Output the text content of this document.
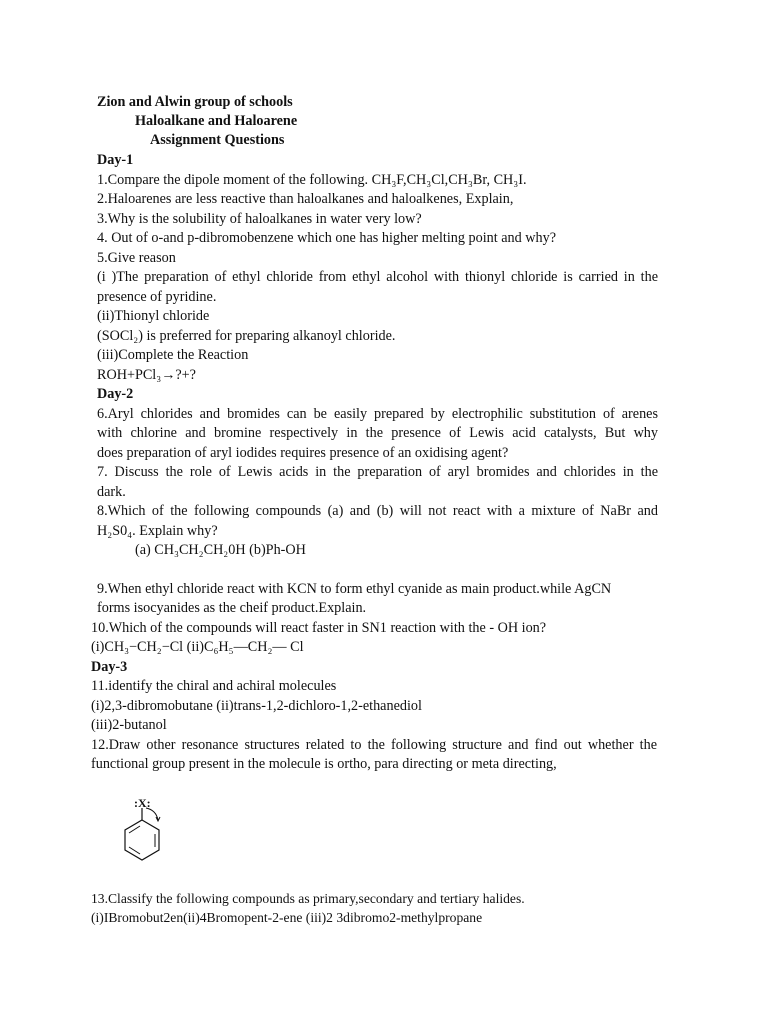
Zion and Alwin group of schools
Haloalkane and Haloarene
Assignment Questions
Day-1
1.Compare the dipole moment of the following. CH₃F,CH₃Cl,CH₃Br, CH₃I.
2.Haloarenes are less reactive than haloalkanes and haloalkenes, Explain,
3.Why is the solubility of haloalkanes in water very low?
4. Out of o-and p-dibromobenzene which one has higher melting point and why?
5.Give reason
(i )The preparation of ethyl chloride from ethyl alcohol with thionyl chloride is carried in the
presence of pyridine.
(ii)Thionyl chloride
(SOCl₂) is preferred for preparing alkanoyl chloride.
(iii)Complete the Reaction
ROH+PCl₃→?+?
Day-2
6.Aryl chlorides and bromides can be easily prepared by electrophilic substitution of arenes
with chlorine and bromine respectively in the presence of Lewis acid catalysts, But why
does preparation of aryl iodides requires presence of an oxidising agent?
7. Discuss the role of Lewis acids in the preparation of aryl bromides and chlorides in the
dark.
8.Which of the following compounds (a) and (b) will not react with a mixture of NaBr and
H₂S0₄. Explain why?
(a) CH₃CH₂CH₂0H (b)Ph-OH
9.When ethyl chloride react with KCN to form ethyl cyanide as main product.while AgCN
forms isocyanides as the cheif product.Explain.
10.Which of the compounds will react faster in SN1 reaction with the - OH ion?
(i)CH₃−CH₂−Cl (ii)C₆H₅—CH₂— Cl
Day-3
11.identify the chiral and achiral molecules
(i)2,3-dibromobutane (ii)trans-1,2-dichloro-1,2-ethanediol
(iii)2-butanol
12.Draw other resonance structures related to the following structure and find out whether the
functional group present in the molecule is ortho, para directing or meta directing,
:X:
13.Classify the following compounds as primary,secondary and tertiary halides.
(i)IBromobut2en(ii)4Bromopent-2-ene (iii)2 3dibromo2-methylpropane
